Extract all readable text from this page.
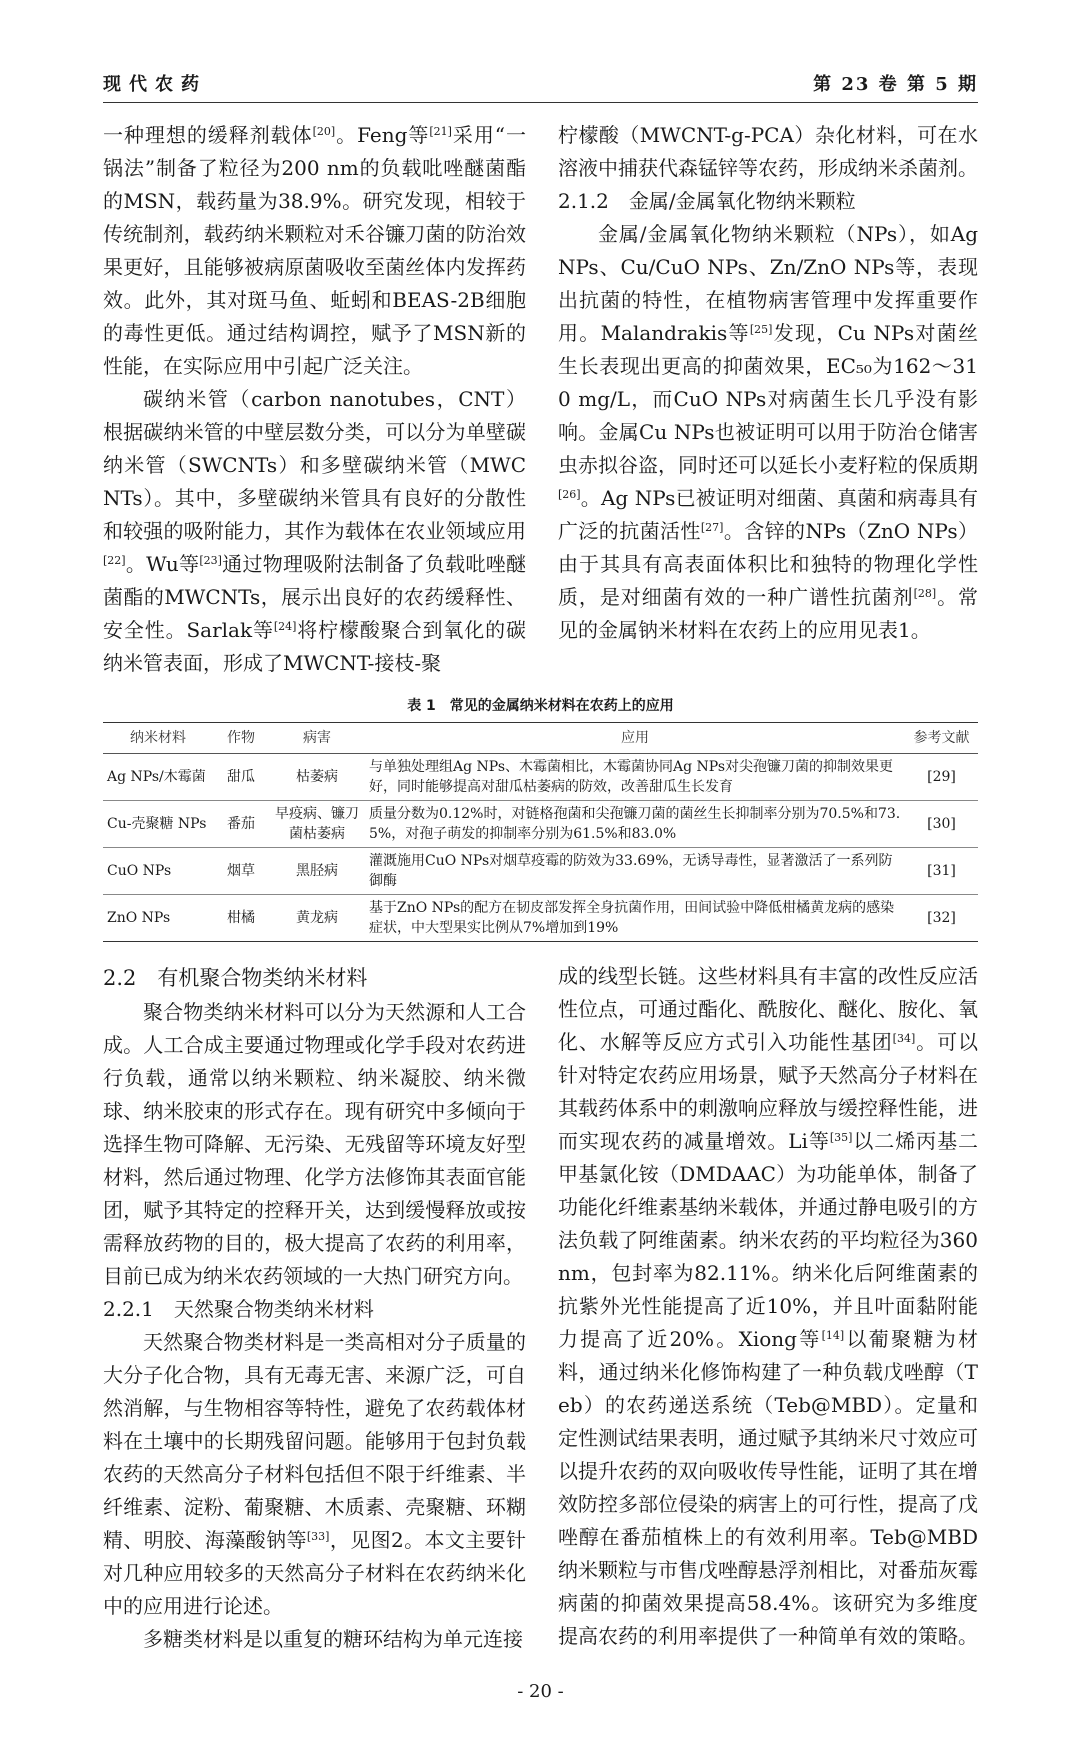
现代农药	第 23 卷 第 5 期

一种理想的缓释剂载体[20]。Feng等[21]采用“一锅法”制备了粒径为200 nm的负载吡唑醚菌酯的MSN，载药量为38.9%。研究发现，相较于传统制剂，载药纳米颗粒对禾谷镰刀菌的防治效果更好，且能够被病原菌吸收至菌丝体内发挥药效。此外，其对斑马鱼、蚯蚓和BEAS-2B细胞的毒性更低。通过结构调控，赋予了MSN新的性能，在实际应用中引起广泛关注。

碳纳米管（carbon nanotubes，CNT）根据碳纳米管的中壁层数分类，可以分为单壁碳纳米管（SWCNTs）和多壁碳纳米管（MWCNTs）。其中，多壁碳纳米管具有良好的分散性和较强的吸附能力，其作为载体在农业领域应用[22]。Wu等[23]通过物理吸附法制备了负载吡唑醚菌酯的MWCNTs，展示出良好的农药缓释性、安全性。Sarlak等[24]将柠檬酸聚合到氧化的碳纳米管表面，形成了MWCNT-接枝-聚

柠檬酸（MWCNT-g-PCA）杂化材料，可在水溶液中捕获代森锰锌等农药，形成纳米杀菌剂。

2.1.2　金属/金属氧化物纳米颗粒

金属/金属氧化物纳米颗粒（NPs），如Ag NPs、Cu/CuO NPs、Zn/ZnO NPs等，表现出抗菌的特性，在植物病害管理中发挥重要作用。Malandrakis等[25]发现，Cu NPs对菌丝生长表现出更高的抑菌效果，EC₅₀为162～310 mg/L，而CuO NPs对病菌生长几乎没有影响。金属Cu NPs也被证明可以用于防治仓储害虫赤拟谷盗，同时还可以延长小麦籽粒的保质期[26]。Ag NPs已被证明对细菌、真菌和病毒具有广泛的抗菌活性[27]。含锌的NPs（ZnO NPs）由于其具有高表面体积比和独特的物理化学性质，是对细菌有效的一种广谱性抗菌剂[28]。常见的金属钠米材料在农药上的应用见表1。

表 1　常见的金属纳米材料在农药上的应用
纳米材料	作物	病害	应用	参考文献
Ag NPs/木霉菌	甜瓜	枯萎病	与单独处理组Ag NPs、木霉菌相比，木霉菌协同Ag NPs对尖孢镰刀菌的抑制效果更好，同时能够提高对甜瓜枯萎病的防效，改善甜瓜生长发育	[29]
Cu-壳聚糖 NPs	番茄	早疫病、镰刀菌枯萎病	质量分数为0.12%时，对链格孢菌和尖孢镰刀菌的菌丝生长抑制率分别为70.5%和73.5%，对孢子萌发的抑制率分别为61.5%和83.0%	[30]
CuO NPs	烟草	黑胫病	灌溉施用CuO NPs对烟草疫霉的防效为33.69%，无诱导毒性，显著激活了一系列防御酶	[31]
ZnO NPs	柑橘	黄龙病	基于ZnO NPs的配方在韧皮部发挥全身抗菌作用，田间试验中降低柑橘黄龙病的感染症状，中大型果实比例从7%增加到19%	[32]
2.2　有机聚合物类纳米材料

聚合物类纳米材料可以分为天然源和人工合成。人工合成主要通过物理或化学手段对农药进行负载，通常以纳米颗粒、纳米凝胶、纳米微球、纳米胶束的形式存在。现有研究中多倾向于选择生物可降解、无污染、无残留等环境友好型材料，然后通过物理、化学方法修饰其表面官能团，赋予其特定的控释开关，达到缓慢释放或按需释放药物的目的，极大提高了农药的利用率，目前已成为纳米农药领域的一大热门研究方向。

2.2.1　天然聚合物类纳米材料

天然聚合物类材料是一类高相对分子质量的大分子化合物，具有无毒无害、来源广泛，可自然消解，与生物相容等特性，避免了农药载体材料在土壤中的长期残留问题。能够用于包封负载农药的天然高分子材料包括但不限于纤维素、半纤维素、淀粉、葡聚糖、木质素、壳聚糖、环糊精、明胶、海藻酸钠等[33]，见图2。本文主要针对几种应用较多的天然高分子材料在农药纳米化中的应用进行论述。

多糖类材料是以重复的糖环结构为单元连接

成的线型长链。这些材料具有丰富的改性反应活性位点，可通过酯化、酰胺化、醚化、胺化、氧化、水解等反应方式引入功能性基团[34]。可以针对特定农药应用场景，赋予天然高分子材料在其载药体系中的刺激响应释放与缓控释性能，进而实现农药的减量增效。Li等[35]以二烯丙基二甲基氯化铵（DMDAAC）为功能单体，制备了功能化纤维素基纳米载体，并通过静电吸引的方法负载了阿维菌素。纳米农药的平均粒径为360 nm，包封率为82.11%。纳米化后阿维菌素的抗紫外光性能提高了近10%，并且叶面黏附能力提高了近20%。Xiong等[14]以葡聚糖为材料，通过纳米化修饰构建了一种负载戊唑醇（Teb）的农药递送系统（Teb@MBD）。定量和定性测试结果表明，通过赋予其纳米尺寸效应可以提升农药的双向吸收传导性能，证明了其在增效防控多部位侵染的病害上的可行性，提高了戊唑醇在番茄植株上的有效利用率。Teb@MBD纳米颗粒与市售戊唑醇悬浮剂相比，对番茄灰霉病菌的抑菌效果提高58.4%。该研究为多维度提高农药的利用率提供了一种简单有效的策略。

- 20 -
